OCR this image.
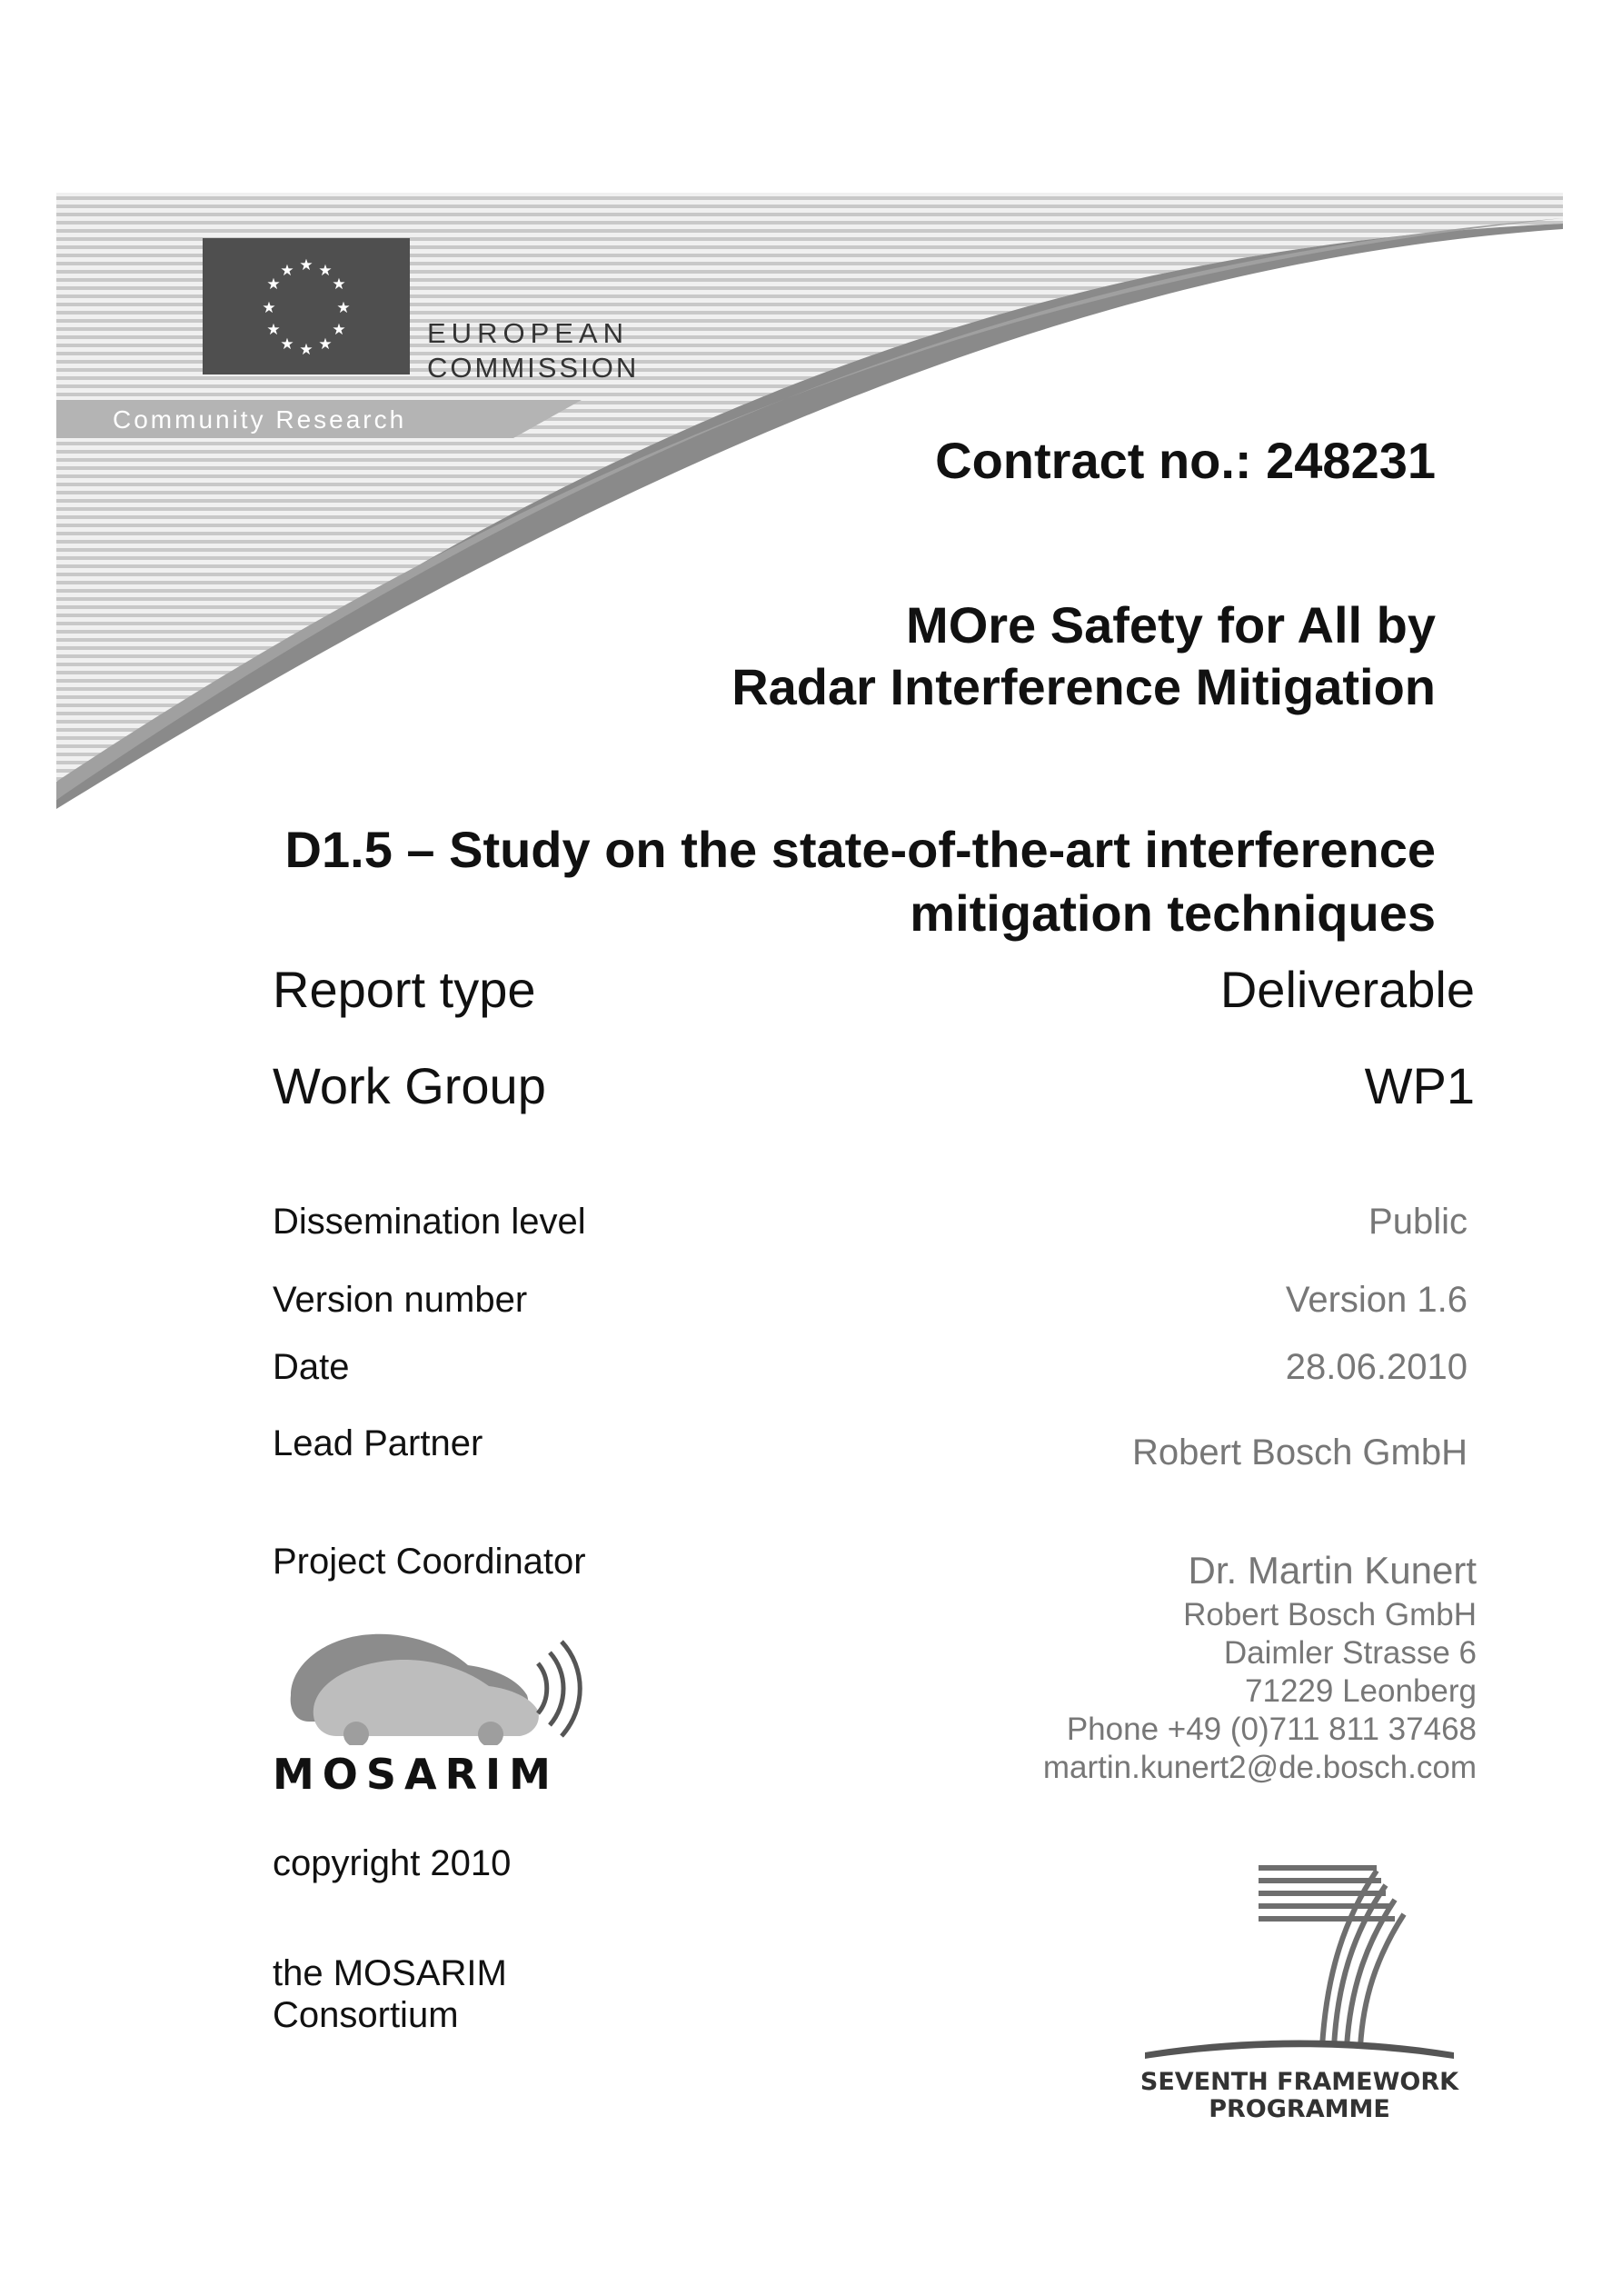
★ ★
★
★
★
★
★
★
★
★
★
★
EUROPEAN
COMMISSION
Community Research
Contract no.: 248231
MOre Safety for All by
Radar Interference Mitigation
D1.5 – Study on the state-of-the-art interference
mitigation techniques
Report type	Deliverable
Work Group	WP1
Dissemination level	Public
Version number	Version 1.6
Date	28.06.2010
Lead Partner	Robert Bosch GmbH
Project Coordinator	Dr. Martin Kunert
Robert Bosch GmbH
Daimler Strasse 6
71229 Leonberg
Phone +49 (0)711 811 37468
martin.kunert2@de.bosch.com
MOSARIM
copyright 2010
the MOSARIM
Consortium
SEVENTH FRAMEWORK
PROGRAMME
